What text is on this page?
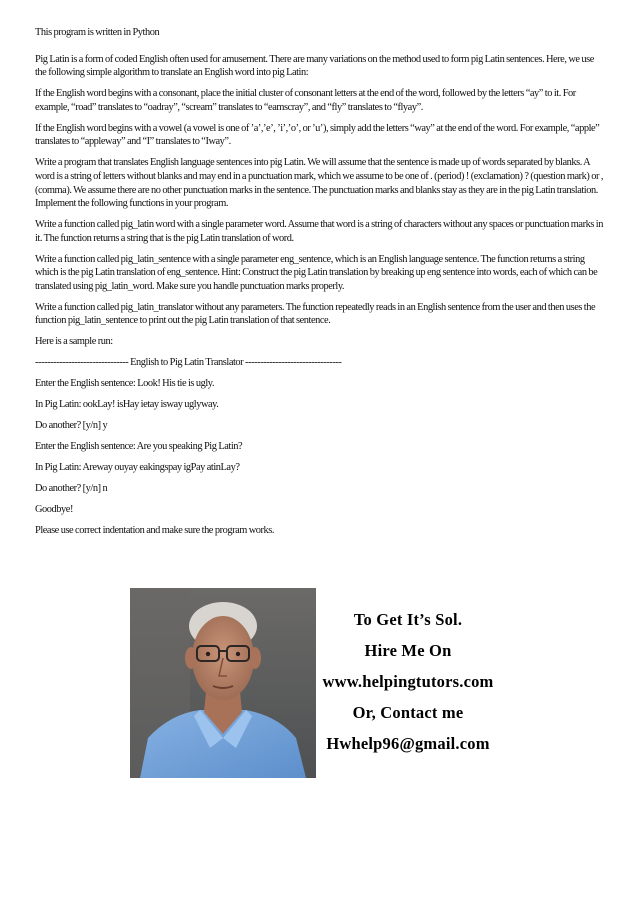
This program is written in Python

Pig Latin is a form of coded English often used for amusement. There are many variations on the method used to form pig Latin sentences. Here, we use the following simple algorithm to translate an English word into pig Latin:

If the English word begins with a consonant, place the initial cluster of consonant letters at the end of the word, followed by the letters “ay” to it. For example, “road” translates to “oadray”, “scream” translates to “eamscray”, and “fly” translates to “flyay”.

If the English word begins with a vowel (a vowel is one of ’a’,’e’, ’i’,’o’, or ’u’), simply add the letters “way” at the end of the word. For example, “apple” translates to “appleway” and “I” translates to “Iway”.

Write a program that translates English language sentences into pig Latin. We will assume that the sentence is made up of words separated by blanks. A word is a string of letters without blanks and may end in a punctuation mark, which we assume to be one of . (period) ! (exclamation) ? (question mark) or , (comma). We assume there are no other punctuation marks in the sentence. The punctuation marks and blanks stay as they are in the pig Latin translation. Implement the following functions in your program.

Write a function called pig_latin word with a single parameter word. Assume that word is a string of characters without any spaces or punctuation marks in it. The function returns a string that is the pig Latin translation of word.

Write a function called pig_latin_sentence with a single parameter eng_sentence, which is an English language sentence. The function returns a string which is the pig Latin translation of eng_sentence. Hint: Construct the pig Latin translation by breaking up eng sentence into words, each of which can be translated using pig_latin_word. Make sure you handle punctuation marks properly.

Write a function called pig_latin_translator without any parameters. The function repeatedly reads in an English sentence from the user and then uses the function pig_latin_sentence to print out the pig Latin translation of that sentence.

Here is a sample run:

------------------------------- English to Pig Latin Translator --------------------------------

Enter the English sentence: Look! His tie is ugly.

In Pig Latin: ookLay! isHay ietay isway uglyway.

Do another? [y/n] y

Enter the English sentence: Are you speaking Pig Latin?

In Pig Latin: Areway ouyay eakingspay igPay atinLay?

Do another? [y/n] n

Goodbye!

Please use correct indentation and make sure the program works.

To Get It’s Sol.
Hire Me On
www.helpingtutors.com
Or, Contact me
Hwhelp96@gmail.com
